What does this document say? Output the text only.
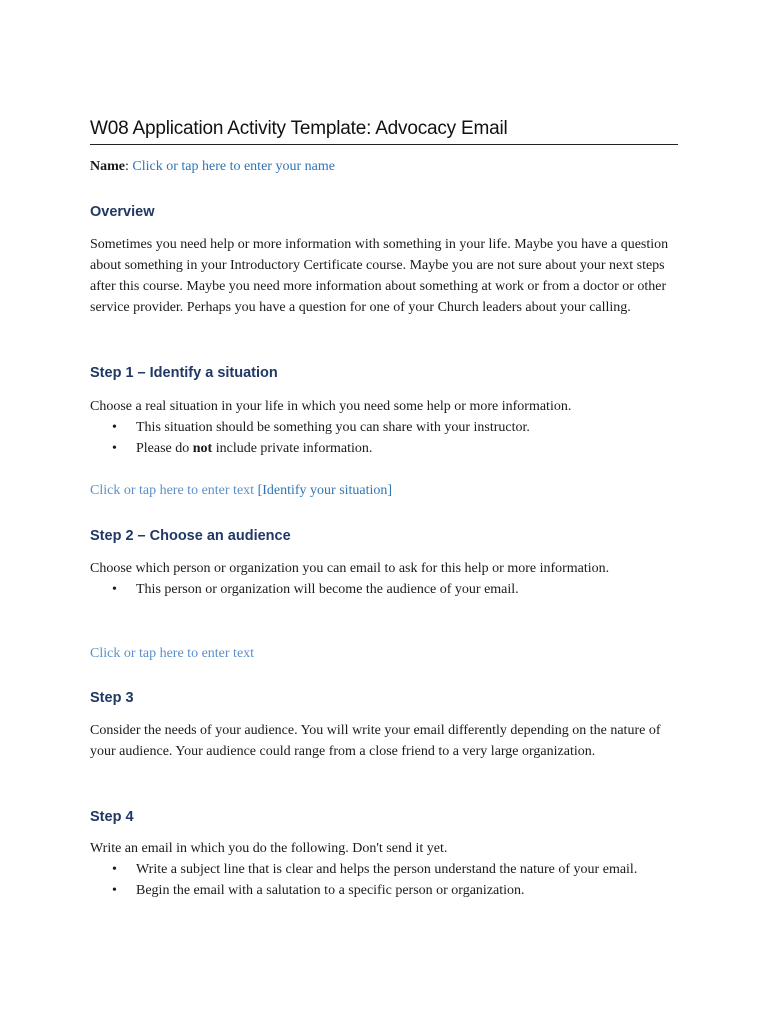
W08 Application Activity Template: Advocacy Email
Name: Click or tap here to enter your name
Overview
Sometimes you need help or more information with something in your life. Maybe you have a question about something in your Introductory Certificate course. Maybe you are not sure about your next steps after this course. Maybe you need more information about something at work or from a doctor or other service provider. Perhaps you have a question for one of your Church leaders about your calling.
Step 1 – Identify a situation
Choose a real situation in your life in which you need some help or more information.
• This situation should be something you can share with your instructor.
• Please do not include private information.
Click or tap here to enter text [Identify your situation]
Step 2 – Choose an audience
Choose which person or organization you can email to ask for this help or more information.
• This person or organization will become the audience of your email.
Click or tap here to enter text
Step 3
Consider the needs of your audience. You will write your email differently depending on the nature of your audience. Your audience could range from a close friend to a very large organization.
Step 4
Write an email in which you do the following. Don't send it yet.
• Write a subject line that is clear and helps the person understand the nature of your email.
• Begin the email with a salutation to a specific person or organization.
